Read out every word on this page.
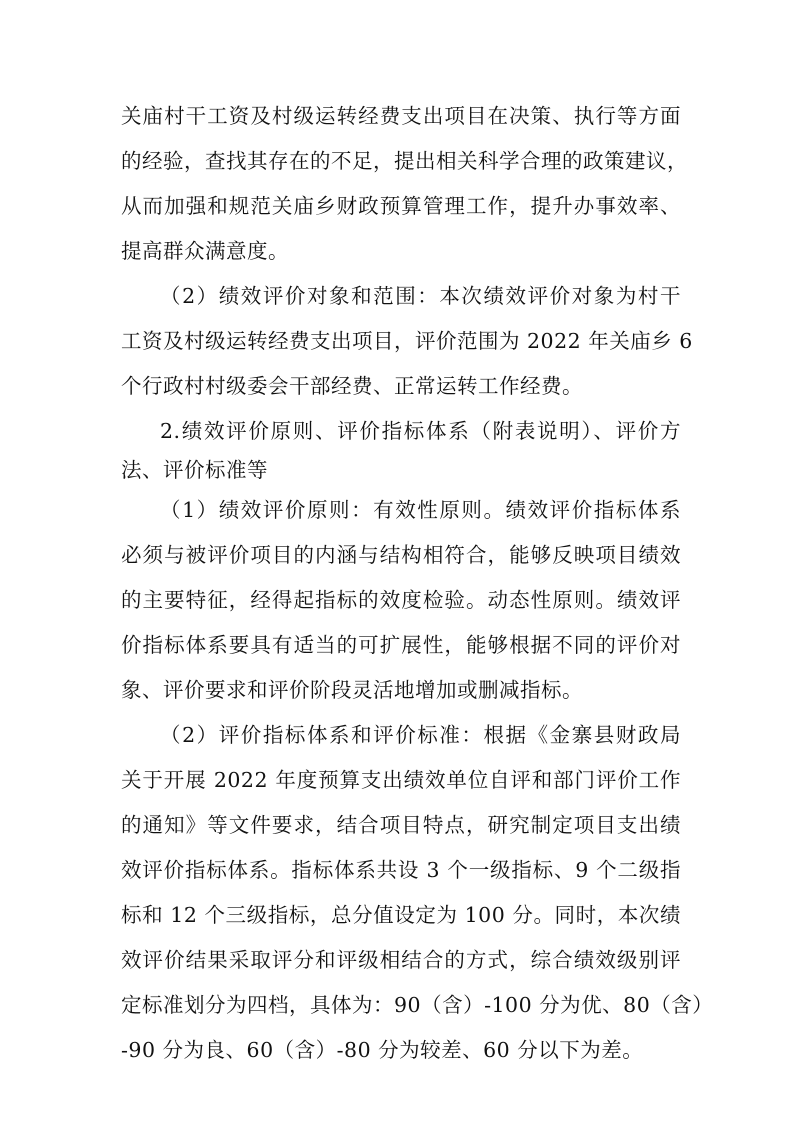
关庙村干工资及村级运转经费支出项目在决策、执行等方面
的经验，查找其存在的不足，提出相关科学合理的政策建议，
从而加强和规范关庙乡财政预算管理工作，提升办事效率、
提高群众满意度。
（2）绩效评价对象和范围：本次绩效评价对象为村干
工资及村级运转经费支出项目，评价范围为 2022 年关庙乡 6
个行政村村级委会干部经费、正常运转工作经费。
2.绩效评价原则、评价指标体系（附表说明）、评价方
法、评价标准等
（1）绩效评价原则：有效性原则。绩效评价指标体系
必须与被评价项目的内涵与结构相符合，能够反映项目绩效
的主要特征，经得起指标的效度检验。动态性原则。绩效评
价指标体系要具有适当的可扩展性，能够根据不同的评价对
象、评价要求和评价阶段灵活地增加或删减指标。
（2）评价指标体系和评价标准：根据《金寨县财政局
关于开展 2022 年度预算支出绩效单位自评和部门评价工作
的通知》等文件要求，结合项目特点，研究制定项目支出绩
效评价指标体系。指标体系共设 3 个一级指标、9 个二级指
标和 12 个三级指标，总分值设定为 100 分。同时，本次绩
效评价结果采取评分和评级相结合的方式，综合绩效级别评
定标准划分为四档，具体为：90（含）-100 分为优、80（含）
-90 分为良、60（含）-80 分为较差、60 分以下为差。
